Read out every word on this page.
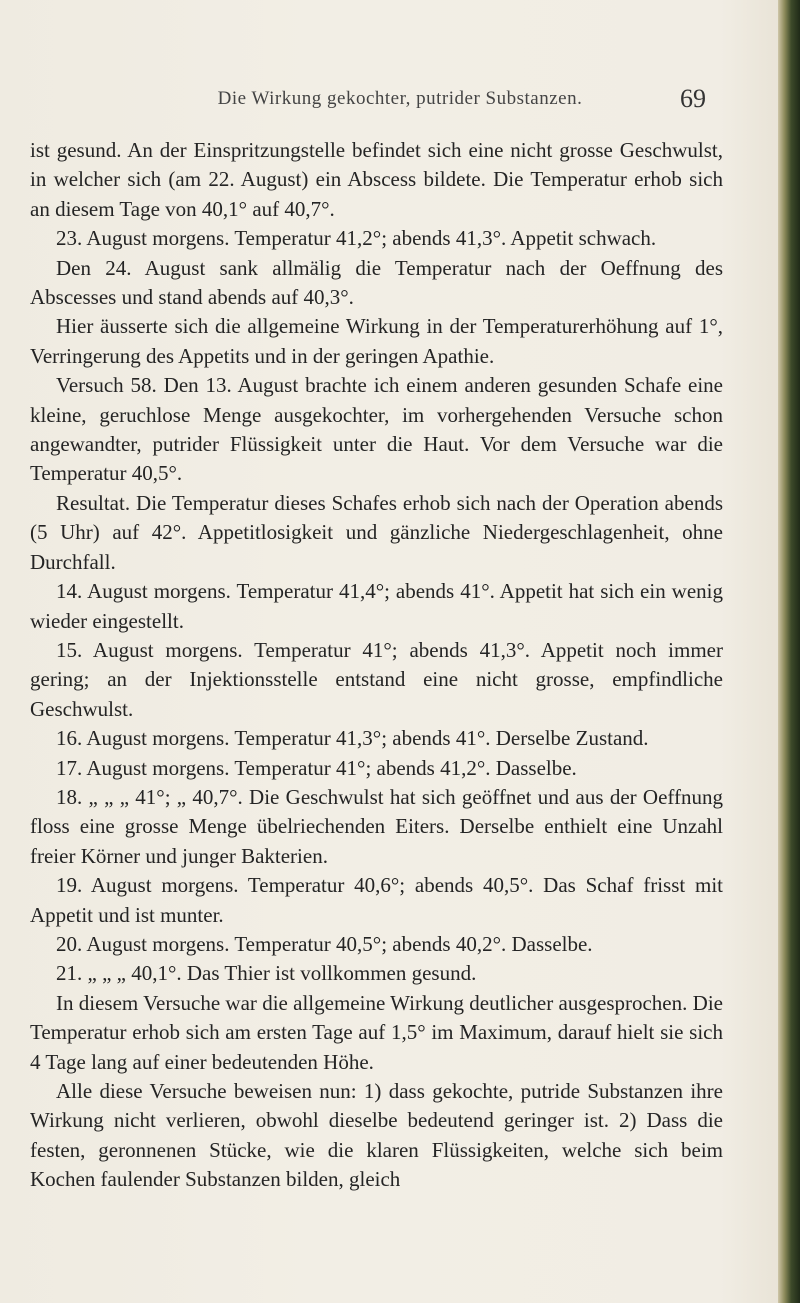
Die Wirkung gekochter, putrider Substanzen.	69

ist gesund. An der Einspritzungstelle befindet sich eine nicht grosse Geschwulst, in welcher sich (am 22. August) ein Abscess bildete. Die Temperatur erhob sich an diesem Tage von 40,1° auf 40,7°.

23. August morgens. Temperatur 41,2°; abends 41,3°. Appetit schwach.

Den 24. August sank allmälig die Temperatur nach der Oeffnung des Abscesses und stand abends auf 40,3°.

Hier äusserte sich die allgemeine Wirkung in der Temperaturerhöhung auf 1°, Verringerung des Appetits und in der geringen Apathie.

Versuch 58. Den 13. August brachte ich einem anderen gesunden Schafe eine kleine, geruchlose Menge ausgekochter, im vorhergehenden Versuche schon angewandter, putrider Flüssigkeit unter die Haut. Vor dem Versuche war die Temperatur 40,5°.

Resultat. Die Temperatur dieses Schafes erhob sich nach der Operation abends (5 Uhr) auf 42°. Appetitlosigkeit und gänzliche Niedergeschlagenheit, ohne Durchfall.

14. August morgens. Temperatur 41,4°; abends 41°. Appetit hat sich ein wenig wieder eingestellt.

15. August morgens. Temperatur 41°; abends 41,3°. Appetit noch immer gering; an der Injektionsstelle entstand eine nicht grosse, empfindliche Geschwulst.

16. August morgens. Temperatur 41,3°; abends 41°. Derselbe Zustand.

17. August morgens. Temperatur 41°; abends 41,2°. Dasselbe.

18. „ „ „ 41°; „ 40,7°. Die Geschwulst hat sich geöffnet und aus der Oeffnung floss eine grosse Menge übelriechenden Eiters. Derselbe enthielt eine Unzahl freier Körner und junger Bakterien.

19. August morgens. Temperatur 40,6°; abends 40,5°. Das Schaf frisst mit Appetit und ist munter.

20. August morgens. Temperatur 40,5°; abends 40,2°. Dasselbe.

21. „ „ „ 40,1°. Das Thier ist vollkommen gesund.

In diesem Versuche war die allgemeine Wirkung deutlicher ausgesprochen. Die Temperatur erhob sich am ersten Tage auf 1,5° im Maximum, darauf hielt sie sich 4 Tage lang auf einer bedeutenden Höhe.

Alle diese Versuche beweisen nun: 1) dass gekochte, putride Substanzen ihre Wirkung nicht verlieren, obwohl dieselbe bedeutend geringer ist. 2) Dass die festen, geronnenen Stücke, wie die klaren Flüssigkeiten, welche sich beim Kochen faulender Substanzen bilden, gleich
